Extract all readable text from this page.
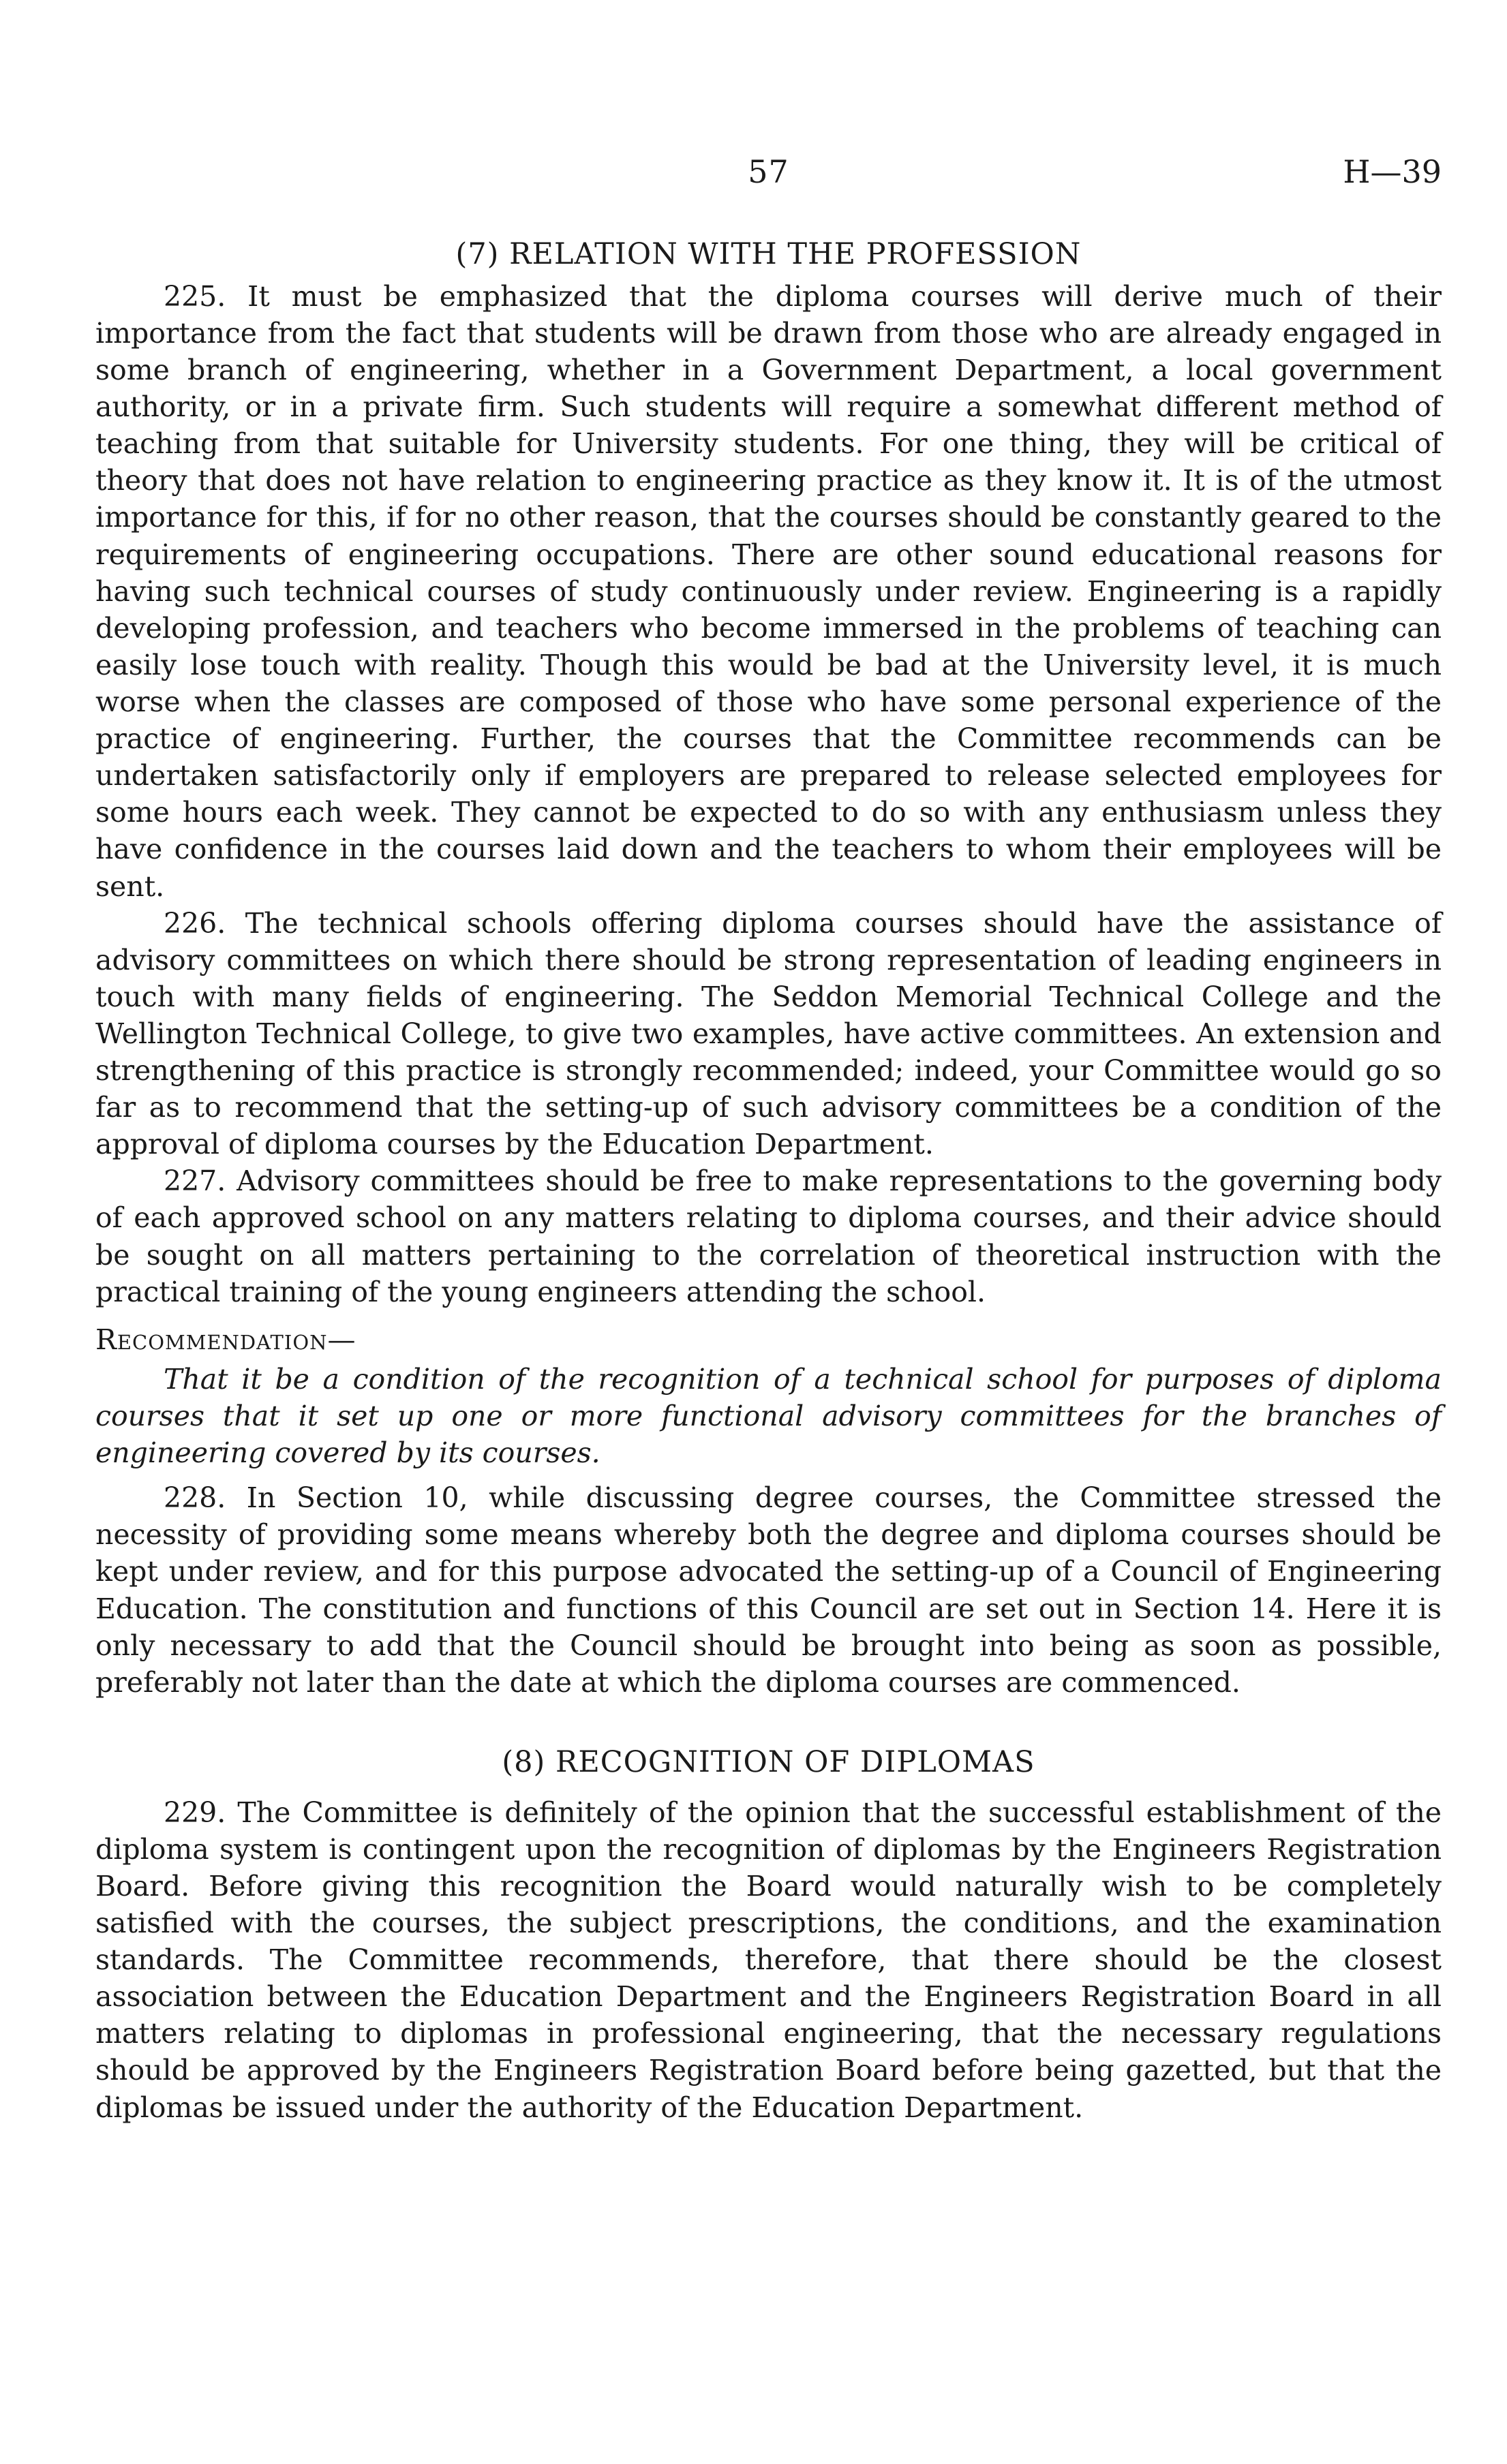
57	H—39
(7) RELATION WITH THE PROFESSION

225. It must be emphasized that the diploma courses will derive much of their importance from the fact that students will be drawn from those who are already engaged in some branch of engineering, whether in a Government Department, a local government authority, or in a private firm. Such students will require a somewhat different method of teaching from that suitable for University students. For one thing, they will be critical of theory that does not have relation to engineering practice as they know it. It is of the utmost importance for this, if for no other reason, that the courses should be constantly geared to the requirements of engineering occupations. There are other sound educational reasons for having such technical courses of study continuously under review. Engineering is a rapidly developing profession, and teachers who become immersed in the problems of teaching can easily lose touch with reality. Though this would be bad at the University level, it is much worse when the classes are composed of those who have some personal experience of the practice of engineering. Further, the courses that the Committee recommends can be undertaken satisfactorily only if employers are prepared to release selected employees for some hours each week. They cannot be expected to do so with any enthusiasm unless they have confidence in the courses laid down and the teachers to whom their employees will be sent.

226. The technical schools offering diploma courses should have the assistance of advisory committees on which there should be strong representation of leading engineers in touch with many fields of engineering. The Seddon Memorial Technical College and the Wellington Technical College, to give two examples, have active committees. An extension and strengthening of this practice is strongly recommended; indeed, your Committee would go so far as to recommend that the setting-up of such advisory committees be a condition of the approval of diploma courses by the Education Department.

227. Advisory committees should be free to make representations to the governing body of each approved school on any matters relating to diploma courses, and their advice should be sought on all matters pertaining to the correlation of theoretical instruction with the practical training of the young engineers attending the school.

Recommendation—

That it be a condition of the recognition of a technical school for purposes of diploma courses that it set up one or more functional advisory committees for the branches of engineering covered by its courses.

228. In Section 10, while discussing degree courses, the Committee stressed the necessity of providing some means whereby both the degree and diploma courses should be kept under review, and for this purpose advocated the setting-up of a Council of Engineering Education. The constitution and functions of this Council are set out in Section 14. Here it is only necessary to add that the Council should be brought into being as soon as possible, preferably not later than the date at which the diploma courses are commenced.

(8) RECOGNITION OF DIPLOMAS

229. The Committee is definitely of the opinion that the successful establishment of the diploma system is contingent upon the recognition of diplomas by the Engineers Registration Board. Before giving this recognition the Board would naturally wish to be completely satisfied with the courses, the subject prescriptions, the conditions, and the examination standards. The Committee recommends, therefore, that there should be the closest association between the Education Department and the Engineers Registration Board in all matters relating to diplomas in professional engineering, that the necessary regulations should be approved by the Engineers Registration Board before being gazetted, but that the diplomas be issued under the authority of the Education Department.
